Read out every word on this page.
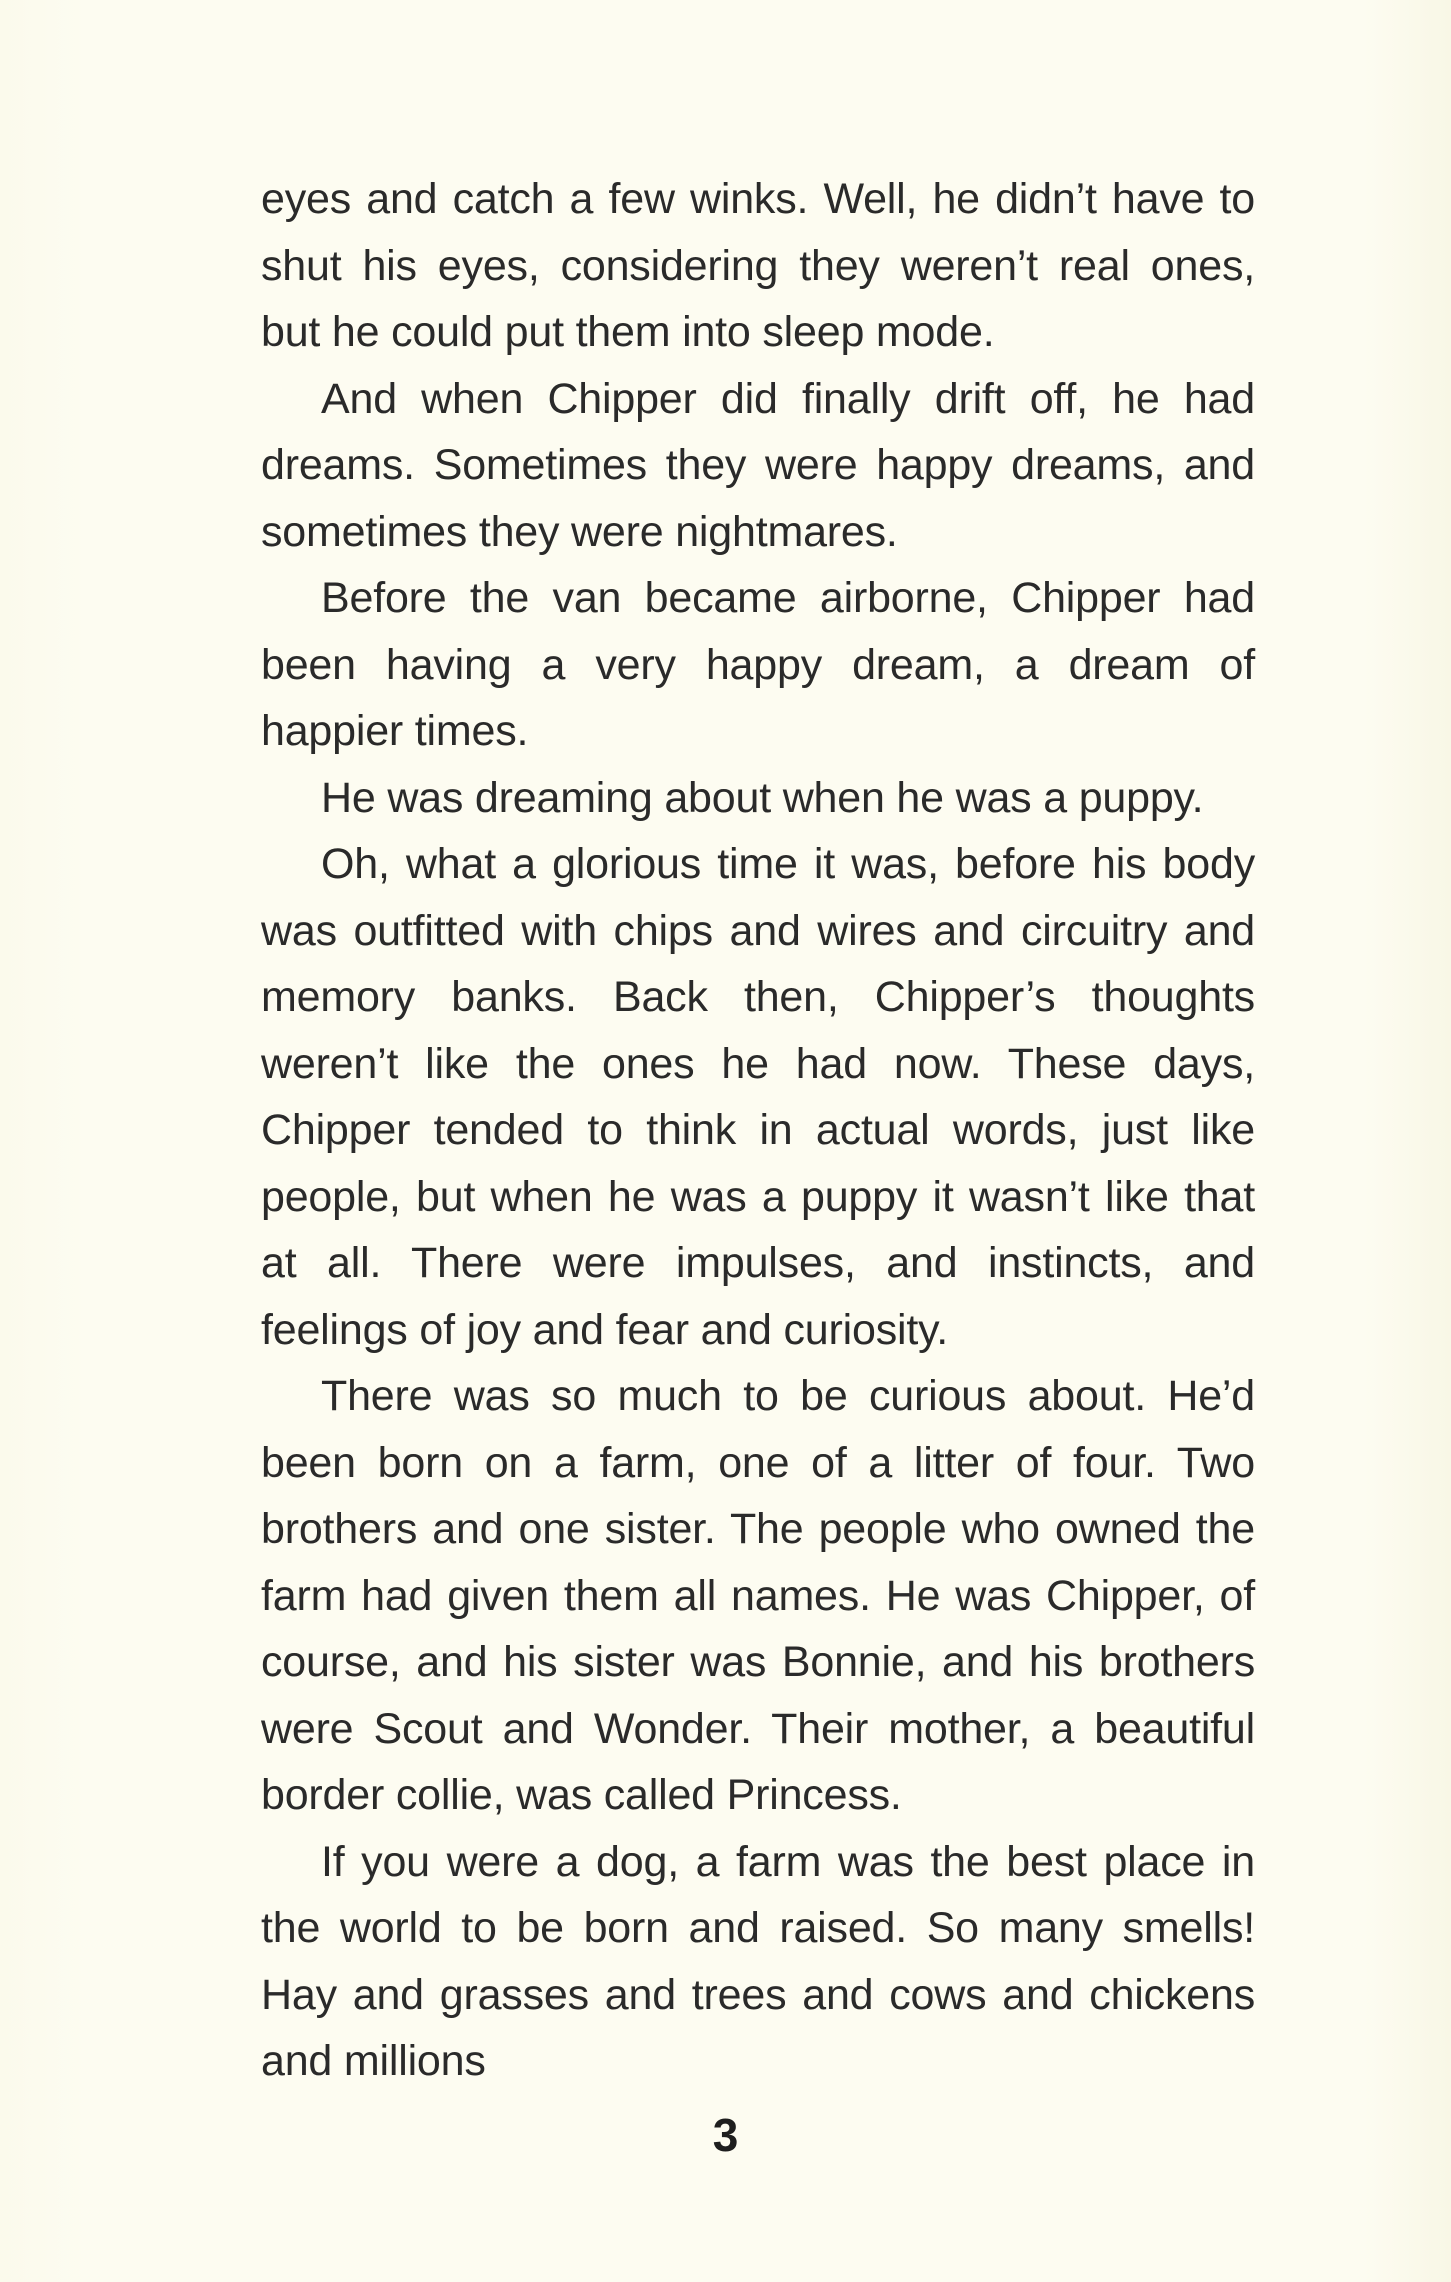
eyes and catch a few winks. Well, he didn’t have to shut his eyes, considering they weren’t real ones, but he could put them into sleep mode.

And when Chipper did finally drift off, he had dreams. Sometimes they were happy dreams, and sometimes they were nightmares.

Before the van became airborne, Chipper had been having a very happy dream, a dream of happier times.

He was dreaming about when he was a puppy.

Oh, what a glorious time it was, before his body was outfitted with chips and wires and circuitry and memory banks. Back then, Chipper’s thoughts weren’t like the ones he had now. These days, Chipper tended to think in actual words, just like people, but when he was a puppy it wasn’t like that at all. There were impulses, and instincts, and feelings of joy and fear and curiosity.

There was so much to be curious about. He’d been born on a farm, one of a litter of four. Two brothers and one sister. The people who owned the farm had given them all names. He was Chipper, of course, and his sister was Bonnie, and his brothers were Scout and Wonder. Their mother, a beautiful border collie, was called Princess.

If you were a dog, a farm was the best place in the world to be born and raised. So many smells! Hay and grasses and trees and cows and chickens and millions

3
